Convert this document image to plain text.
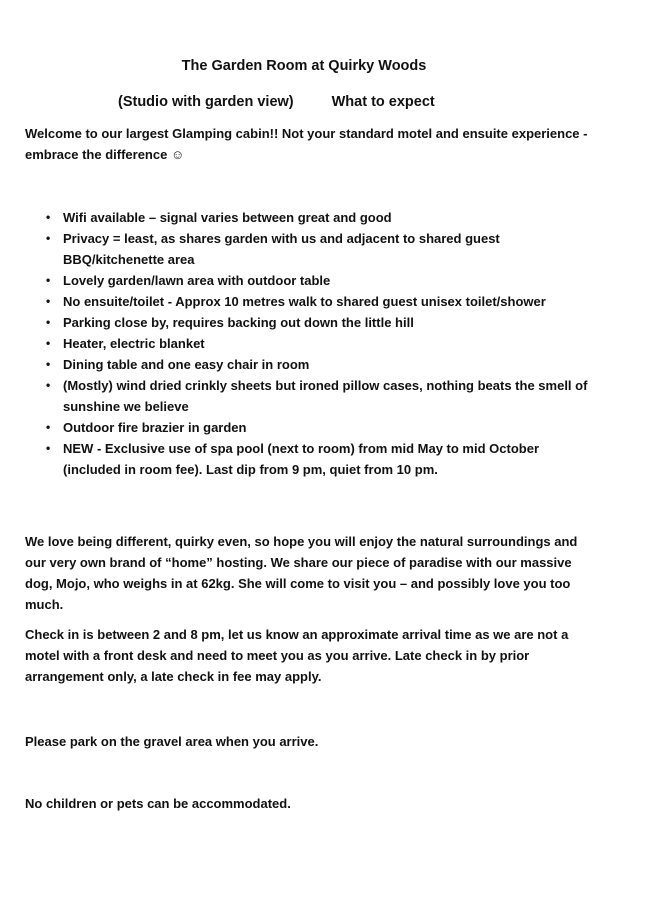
The Garden Room at Quirky Woods
(Studio with garden view)	What to expect

Welcome to our largest Glamping cabin!! Not your standard motel and ensuite experience - embrace the difference ☺

• Wifi available – signal varies between great and good
• Privacy = least, as shares garden with us and adjacent to shared guest BBQ/kitchenette area
• Lovely garden/lawn area with outdoor table
• No ensuite/toilet - Approx 10 metres walk to shared guest unisex toilet/shower
• Parking close by, requires backing out down the little hill
• Heater, electric blanket
• Dining table and one easy chair in room
• (Mostly) wind dried crinkly sheets but ironed pillow cases, nothing beats the smell of sunshine we believe
• Outdoor fire brazier in garden
• NEW - Exclusive use of spa pool (next to room) from mid May to mid October (included in room fee). Last dip from 9 pm, quiet from 10 pm.

We love being different, quirky even, so hope you will enjoy the natural surroundings and our very own brand of “home” hosting. We share our piece of paradise with our massive dog, Mojo, who weighs in at 62kg. She will come to visit you – and possibly love you too much.

Check in is between 2 and 8 pm, let us know an approximate arrival time as we are not a motel with a front desk and need to meet you as you arrive. Late check in by prior arrangement only, a late check in fee may apply.

Please park on the gravel area when you arrive.

No children or pets can be accommodated.
